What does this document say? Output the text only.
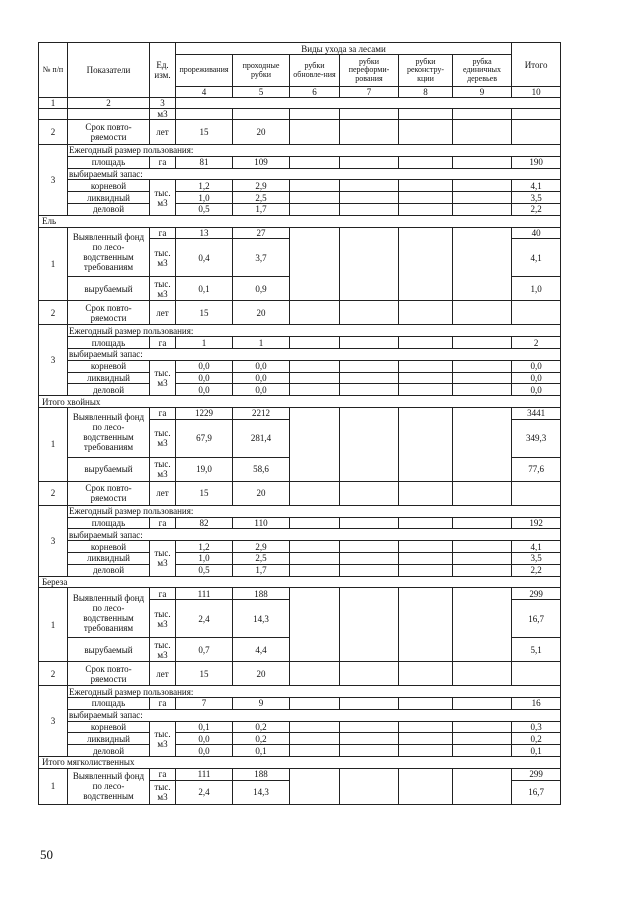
№ п/п	Показатели	Ед. изм.	Виды ухода за лесами						Итого
			прореживания	проходные рубки	рубки обновле-ния	рубки переформи-рования	рубки реконстру-кции	рубка единичных деревьев	
			4	5	6	7	8	9	10
1	2	3							
		м3							
2	Срок повто-ряемости	лет	15	20					
3	Ежегодный размер пользования:								
	площадь	га	81	109					190
	выбираемый запас:								
	корневой	тыс. м3	1,2	2,9					4,1
	ликвидный		1,0	2,5					3,5
	деловой		0,5	1,7					2,2
Ель									
1	Выявленный фонд по лесо-водственным требованиям	га	13	27					40
		тыс. м3	0,4	3,7					4,1
	вырубаемый	тыс. м3	0,1	0,9					1,0
2	Срок повто-ряемости	лет	15	20					
3	Ежегодный размер пользования:								
	площадь	га	1	1					2
	выбираемый запас:								
	корневой	тыс. м3	0,0	0,0					0,0
	ликвидный		0,0	0,0					0,0
	деловой		0,0	0,0					0,0
Итого хвойных									
1	Выявленный фонд по лесо-водственным требованиям	га	1229	2212					3441
		тыс. м3	67,9	281,4					349,3
	вырубаемый	тыс. м3	19,0	58,6					77,6
2	Срок повто-ряемости	лет	15	20					
3	Ежегодный размер пользования:								
	площадь	га	82	110					192
	выбираемый запас:								
	корневой	тыс. м3	1,2	2,9					4,1
	ликвидный		1,0	2,5					3,5
	деловой		0,5	1,7					2,2
Береза									
1	Выявленный фонд по лесо-водственным требованиям	га	111	188					299
		тыс. м3	2,4	14,3					16,7
	вырубаемый	тыс. м3	0,7	4,4					5,1
2	Срок повто-ряемости	лет	15	20					
3	Ежегодный размер пользования:								
	площадь	га	7	9					16
	выбираемый запас:								
	корневой	тыс. м3	0,1	0,2					0,3
	ликвидный		0,0	0,2					0,2
	деловой		0,0	0,1					0,1
Итого мягколиственных									
1	Выявленный фонд по лесо-водственным	га	111	188					299
		тыс. м3	2,4	14,3					16,7
50
